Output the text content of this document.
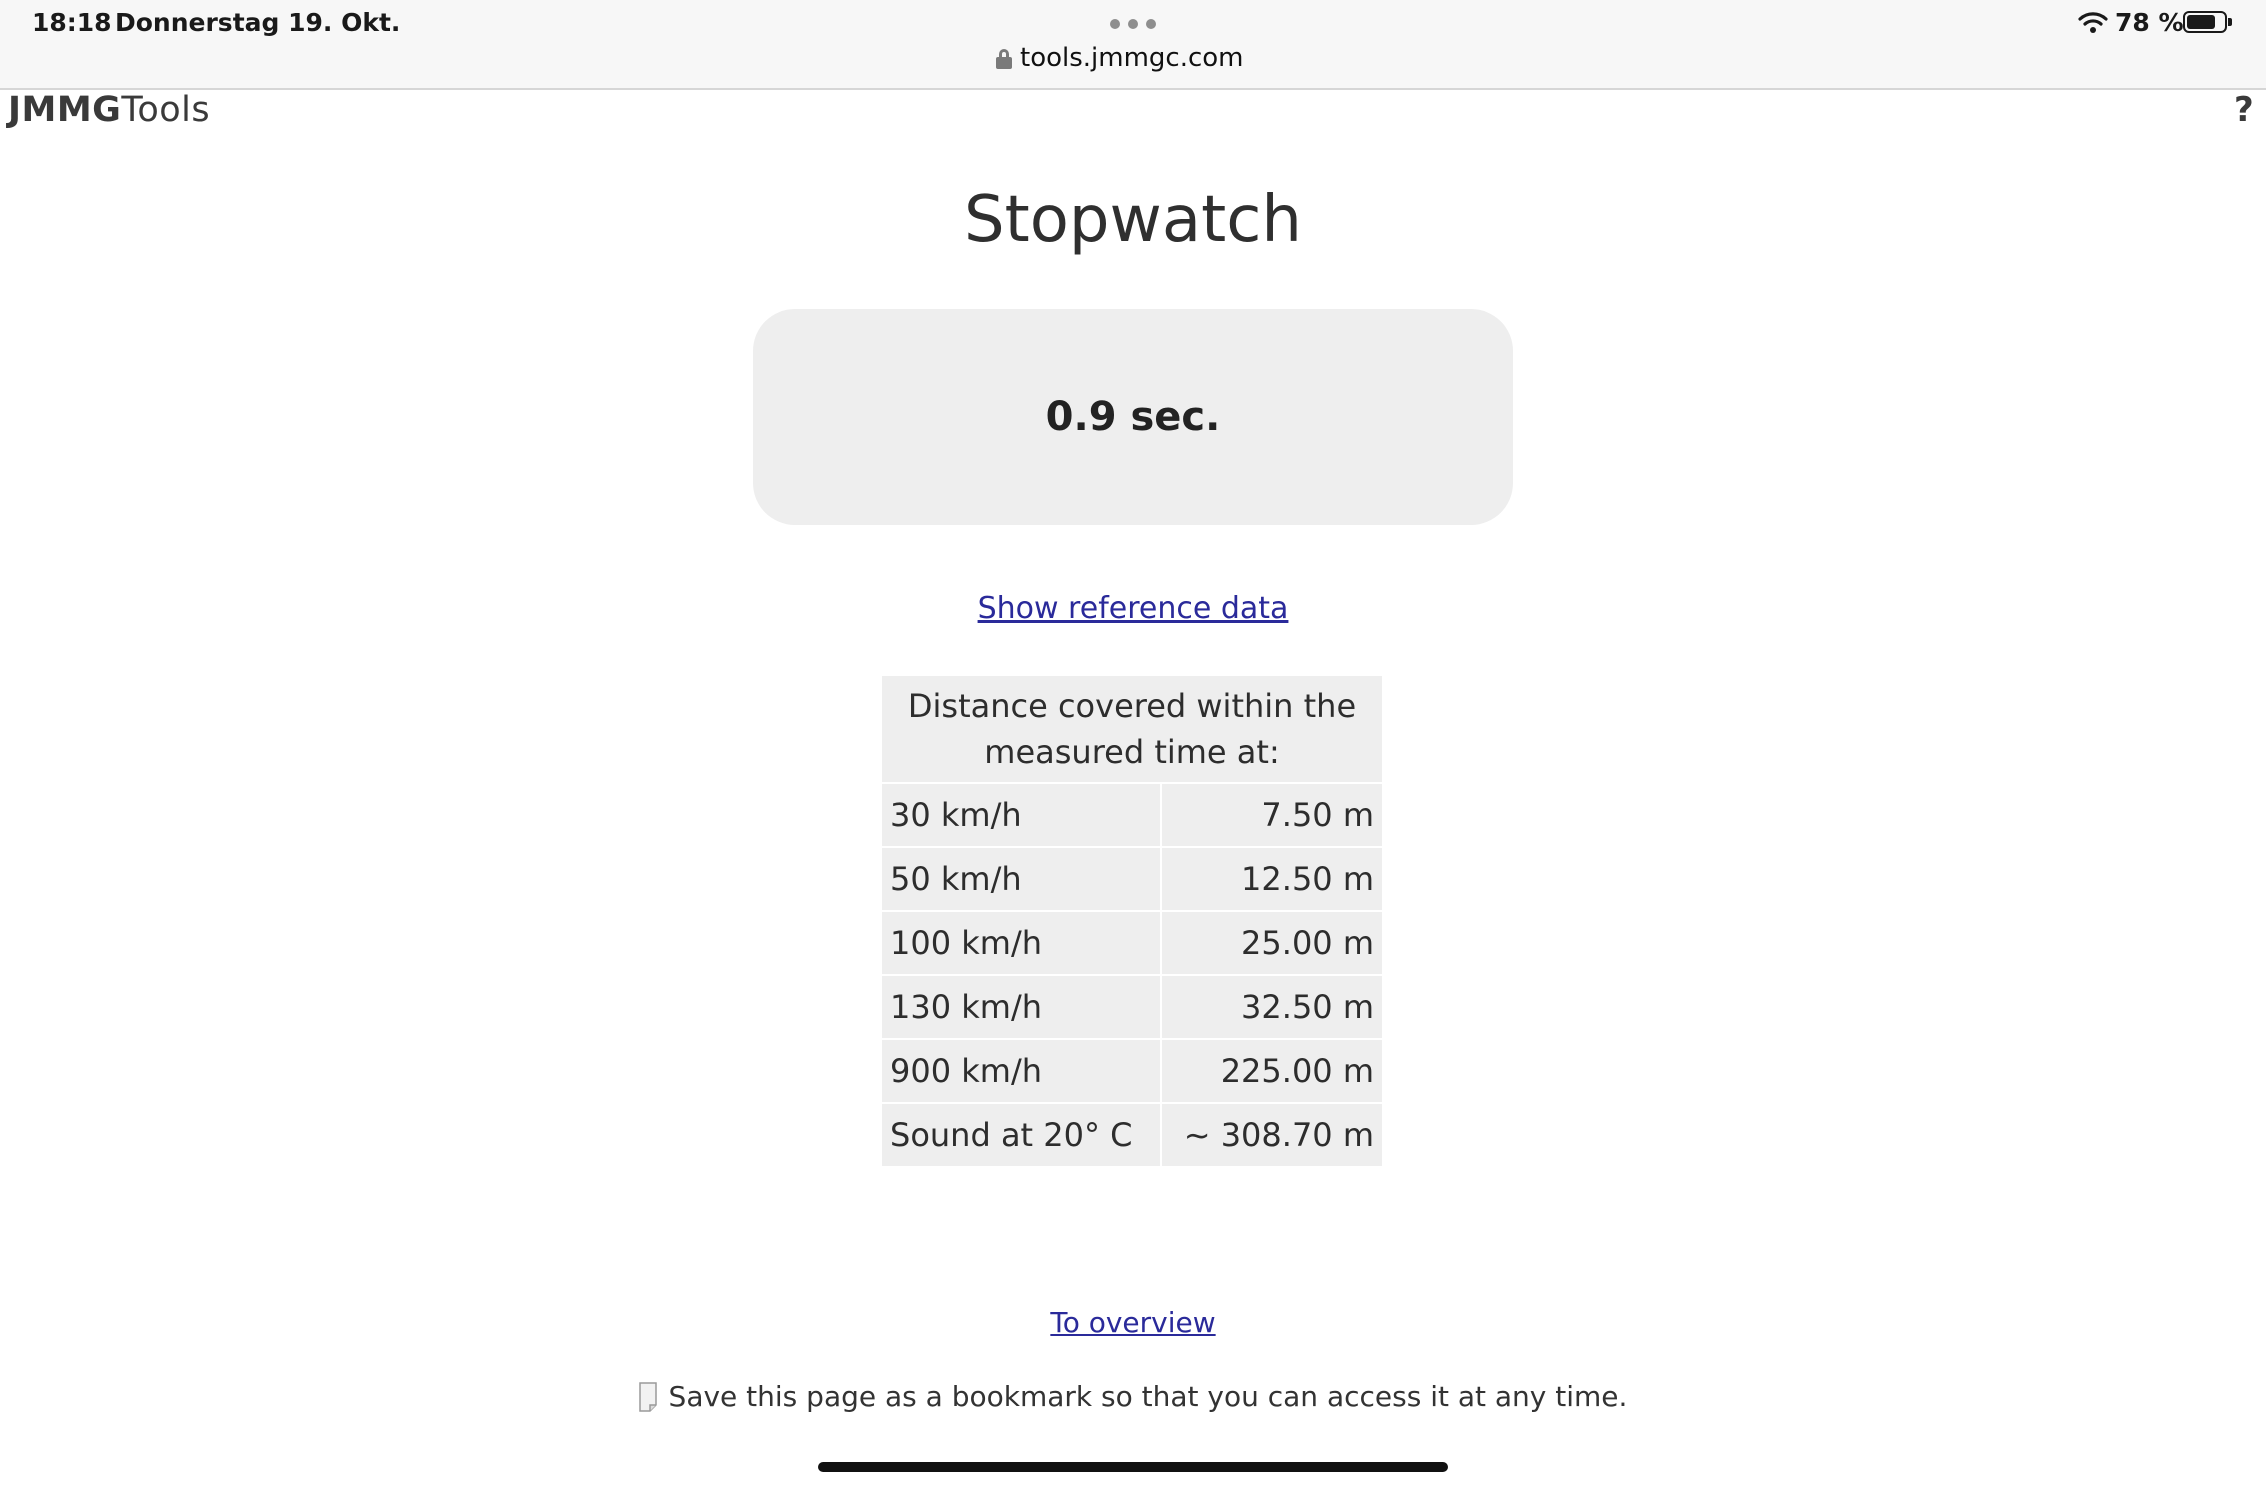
18:18 Donnerstag 19. Okt.
tools.jmmgc.com
78 %
JMMGTools	?
Stopwatch
0.9 sec.
Show reference data
Distance covered within the measured time at:	
30 km/h	7.50 m
50 km/h	12.50 m
100 km/h	25.00 m
130 km/h	32.50 m
900 km/h	225.00 m
Sound at 20° C	~ 308.70 m
To overview
Save this page as a bookmark so that you can access it at any time.
